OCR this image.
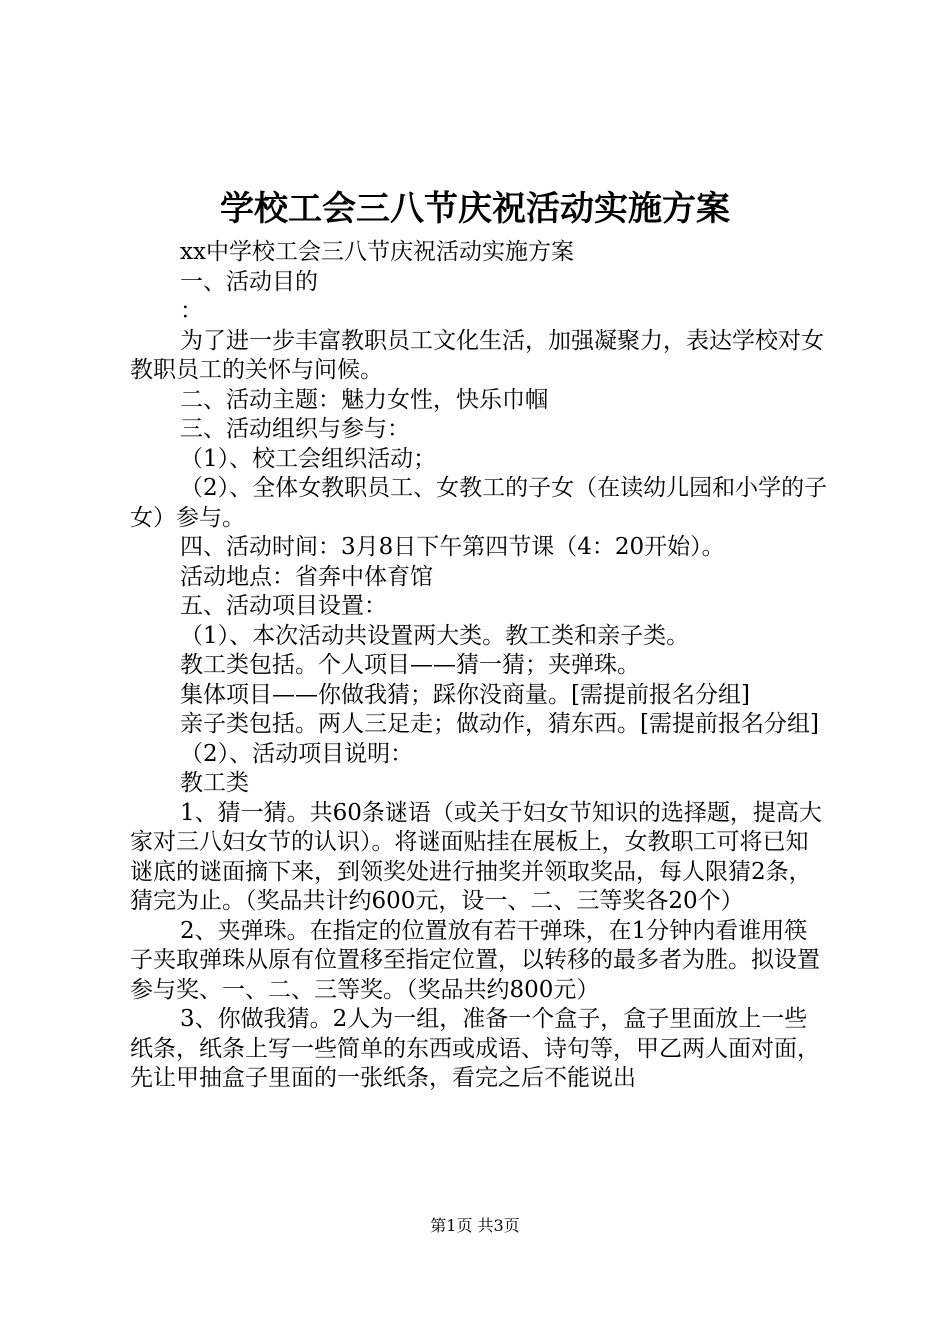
学校工会三八节庆祝活动实施方案

xx中学校工会三八节庆祝活动实施方案

一、活动目的

：

为了进一步丰富教职员工文化生活，加强凝聚力，表达学校对女教职员工的关怀与问候。

二、活动主题：魅力女性，快乐巾帼

三、活动组织与参与：

（1）、校工会组织活动；

（2）、全体女教职员工、女教工的子女（在读幼儿园和小学的子女）参与。

四、活动时间：3月8日下午第四节课（4：20开始）。

活动地点：省奔中体育馆

五、活动项目设置：

（1）、本次活动共设置两大类。教工类和亲子类。

教工类包括。个人项目——猜一猜；夹弹珠。

集体项目——你做我猜；踩你没商量。[需提前报名分组]

亲子类包括。两人三足走；做动作，猜东西。[需提前报名分组]

（2）、活动项目说明：

教工类

1、猜一猜。共60条谜语（或关于妇女节知识的选择题，提高大家对三八妇女节的认识）。将谜面贴挂在展板上，女教职工可将已知谜底的谜面摘下来，到领奖处进行抽奖并领取奖品，每人限猜2条，猜完为止。（奖品共计约600元，设一、二、三等奖各20个）

2、夹弹珠。在指定的位置放有若干弹珠，在1分钟内看谁用筷子夹取弹珠从原有位置移至指定位置，以转移的最多者为胜。拟设置参与奖、一、二、三等奖。（奖品共约800元）

3、你做我猜。2人为一组，准备一个盒子，盒子里面放上一些纸条，纸条上写一些简单的东西或成语、诗句等，甲乙两人面对面，先让甲抽盒子里面的一张纸条，看完之后不能说出

第1页 共3页
